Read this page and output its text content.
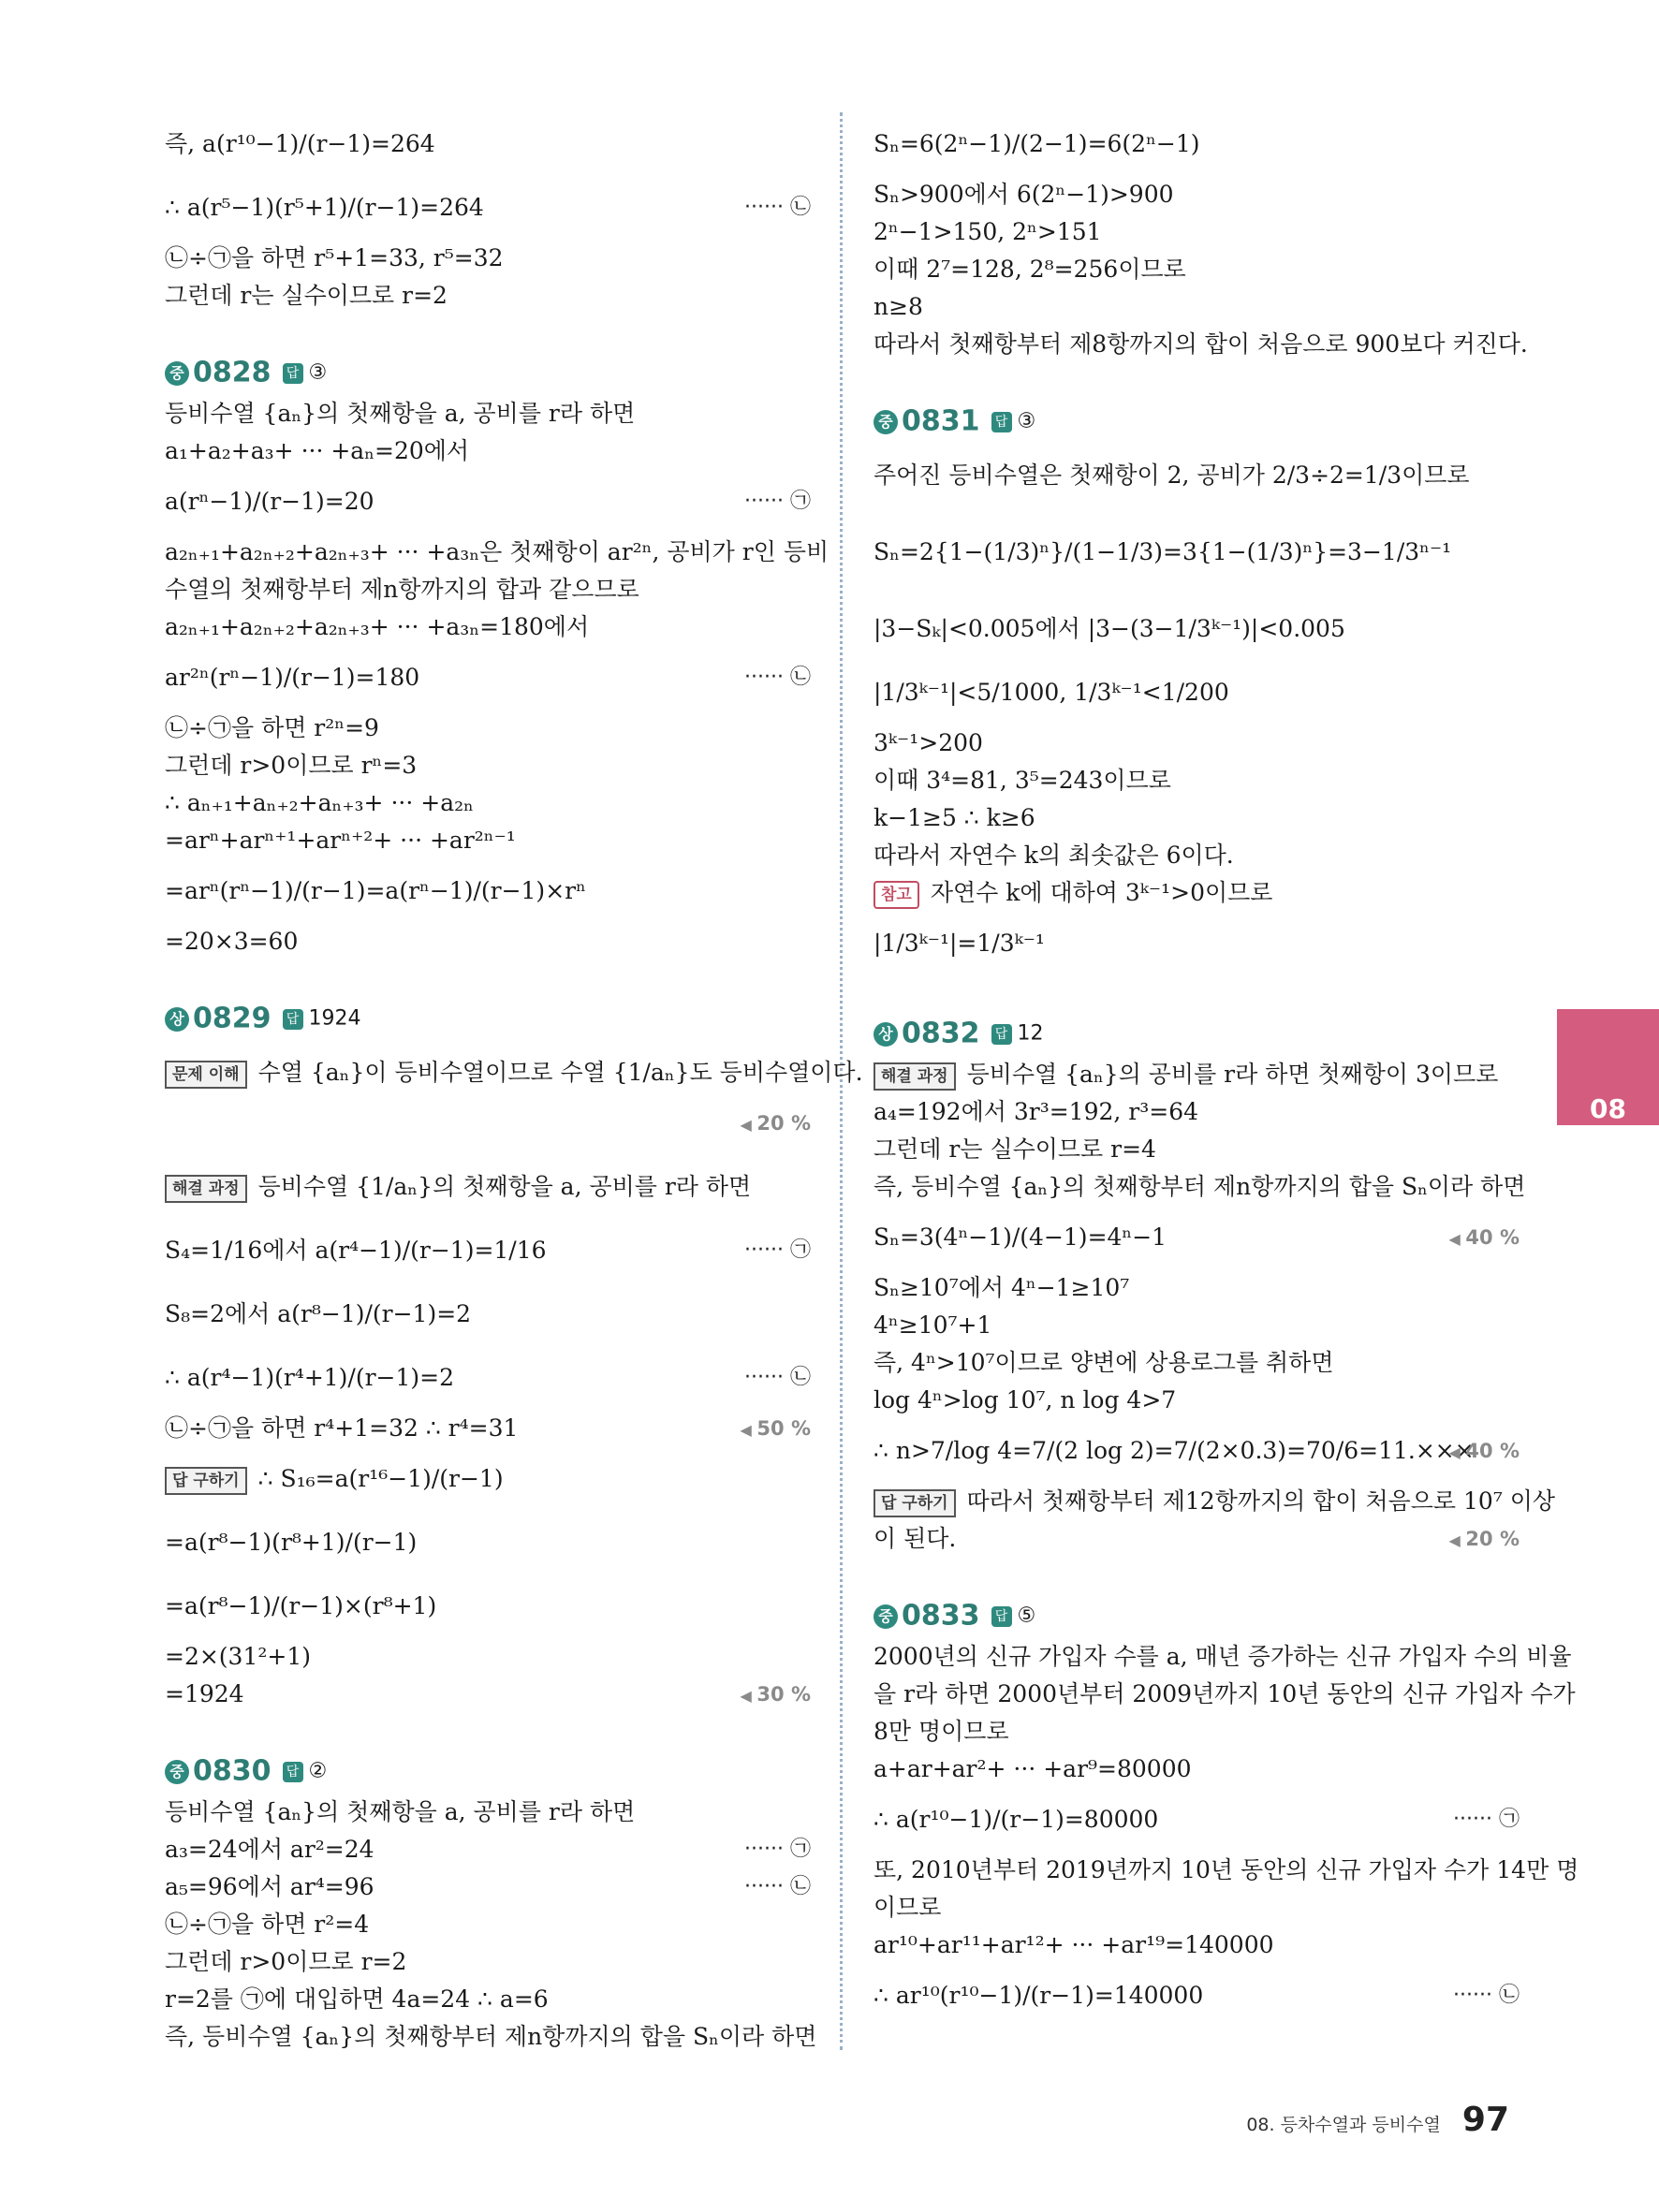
즉, a(r¹⁰−1)/(r−1)=264
∴ a(r⁵−1)(r⁵+1)/(r−1)=264	······ ㉡
㉡÷㉠을 하면 r⁵+1=33, r⁵=32
그런데 r는 실수이므로 r=2
중 0828 답 ③
등비수열 {aₙ}의 첫째항을 a, 공비를 r라 하면
a₁+a₂+a₃+ ··· +aₙ=20에서
a(rⁿ−1)/(r−1)=20	······ ㉠
a₂ₙ₊₁+a₂ₙ₊₂+a₂ₙ₊₃+ ··· +a₃ₙ은 첫째항이 ar²ⁿ, 공비가 r인 등비
수열의 첫째항부터 제n항까지의 합과 같으므로
a₂ₙ₊₁+a₂ₙ₊₂+a₂ₙ₊₃+ ··· +a₃ₙ=180에서
ar²ⁿ(rⁿ−1)/(r−1)=180	······ ㉡
㉡÷㉠을 하면 r²ⁿ=9
그런데 r>0이므로 rⁿ=3
∴ aₙ₊₁+aₙ₊₂+aₙ₊₃+ ··· +a₂ₙ
=arⁿ+arⁿ⁺¹+arⁿ⁺²+ ··· +ar²ⁿ⁻¹
=arⁿ(rⁿ−1)/(r−1)=a(rⁿ−1)/(r−1)×rⁿ
=20×3=60
상 0829 답 1924
문제 이해 수열 {aₙ}이 등비수열이므로 수열 {1/aₙ}도 등비수열이다.
◀ 20 %
해결 과정 등비수열 {1/aₙ}의 첫째항을 a, 공비를 r라 하면
S₄=1/16에서 a(r⁴−1)/(r−1)=1/16	······ ㉠
S₈=2에서 a(r⁸−1)/(r−1)=2
∴ a(r⁴−1)(r⁴+1)/(r−1)=2	······ ㉡
㉡÷㉠을 하면 r⁴+1=32 ∴ r⁴=31	◀ 50 %
답 구하기 ∴ S₁₆=a(r¹⁶−1)/(r−1)
=a(r⁸−1)(r⁸+1)/(r−1)
=a(r⁸−1)/(r−1)×(r⁸+1)
=2×(31²+1)
=1924	◀ 30 %
중 0830 답 ②
등비수열 {aₙ}의 첫째항을 a, 공비를 r라 하면
a₃=24에서 ar²=24	······ ㉠
a₅=96에서 ar⁴=96	······ ㉡
㉡÷㉠을 하면 r²=4
그런데 r>0이므로 r=2
r=2를 ㉠에 대입하면 4a=24 ∴ a=6
즉, 등비수열 {aₙ}의 첫째항부터 제n항까지의 합을 Sₙ이라 하면
Sₙ=6(2ⁿ−1)/(2−1)=6(2ⁿ−1)
Sₙ>900에서 6(2ⁿ−1)>900
2ⁿ−1>150, 2ⁿ>151
이때 2⁷=128, 2⁸=256이므로
n≥8
따라서 첫째항부터 제8항까지의 합이 처음으로 900보다 커진다.
중 0831 답 ③
주어진 등비수열은 첫째항이 2, 공비가 2/3÷2=1/3이므로
Sₙ=2{1−(1/3)ⁿ}/(1−1/3)=3{1−(1/3)ⁿ}=3−1/3ⁿ⁻¹
|3−Sₖ|<0.005에서 |3−(3−1/3ᵏ⁻¹)|<0.005
|1/3ᵏ⁻¹|<5/1000, 1/3ᵏ⁻¹<1/200
3ᵏ⁻¹>200
이때 3⁴=81, 3⁵=243이므로
k−1≥5 ∴ k≥6
따라서 자연수 k의 최솟값은 6이다.
참고 자연수 k에 대하여 3ᵏ⁻¹>0이므로
|1/3ᵏ⁻¹|=1/3ᵏ⁻¹
상 0832 답 12
해결 과정 등비수열 {aₙ}의 공비를 r라 하면 첫째항이 3이므로
a₄=192에서 3r³=192, r³=64
그런데 r는 실수이므로 r=4
즉, 등비수열 {aₙ}의 첫째항부터 제n항까지의 합을 Sₙ이라 하면
Sₙ=3(4ⁿ−1)/(4−1)=4ⁿ−1	◀ 40 %
Sₙ≥10⁷에서 4ⁿ−1≥10⁷
4ⁿ≥10⁷+1
즉, 4ⁿ>10⁷이므로 양변에 상용로그를 취하면
log 4ⁿ>log 10⁷, n log 4>7
∴ n>7/log 4=7/(2 log 2)=7/(2×0.3)=70/6=11.×××
◀ 40 %
답 구하기 따라서 첫째항부터 제12항까지의 합이 처음으로 10⁷ 이상
이 된다.	◀ 20 %
중 0833 답 ⑤
2000년의 신규 가입자 수를 a, 매년 증가하는 신규 가입자 수의 비율
을 r라 하면 2000년부터 2009년까지 10년 동안의 신규 가입자 수가
8만 명이므로
a+ar+ar²+ ··· +ar⁹=80000
∴ a(r¹⁰−1)/(r−1)=80000	······ ㉠
또, 2010년부터 2019년까지 10년 동안의 신규 가입자 수가 14만 명
이므로
ar¹⁰+ar¹¹+ar¹²+ ··· +ar¹⁹=140000
∴ ar¹⁰(r¹⁰−1)/(r−1)=140000	······ ㉡
08
08. 등차수열과 등비수열 97
